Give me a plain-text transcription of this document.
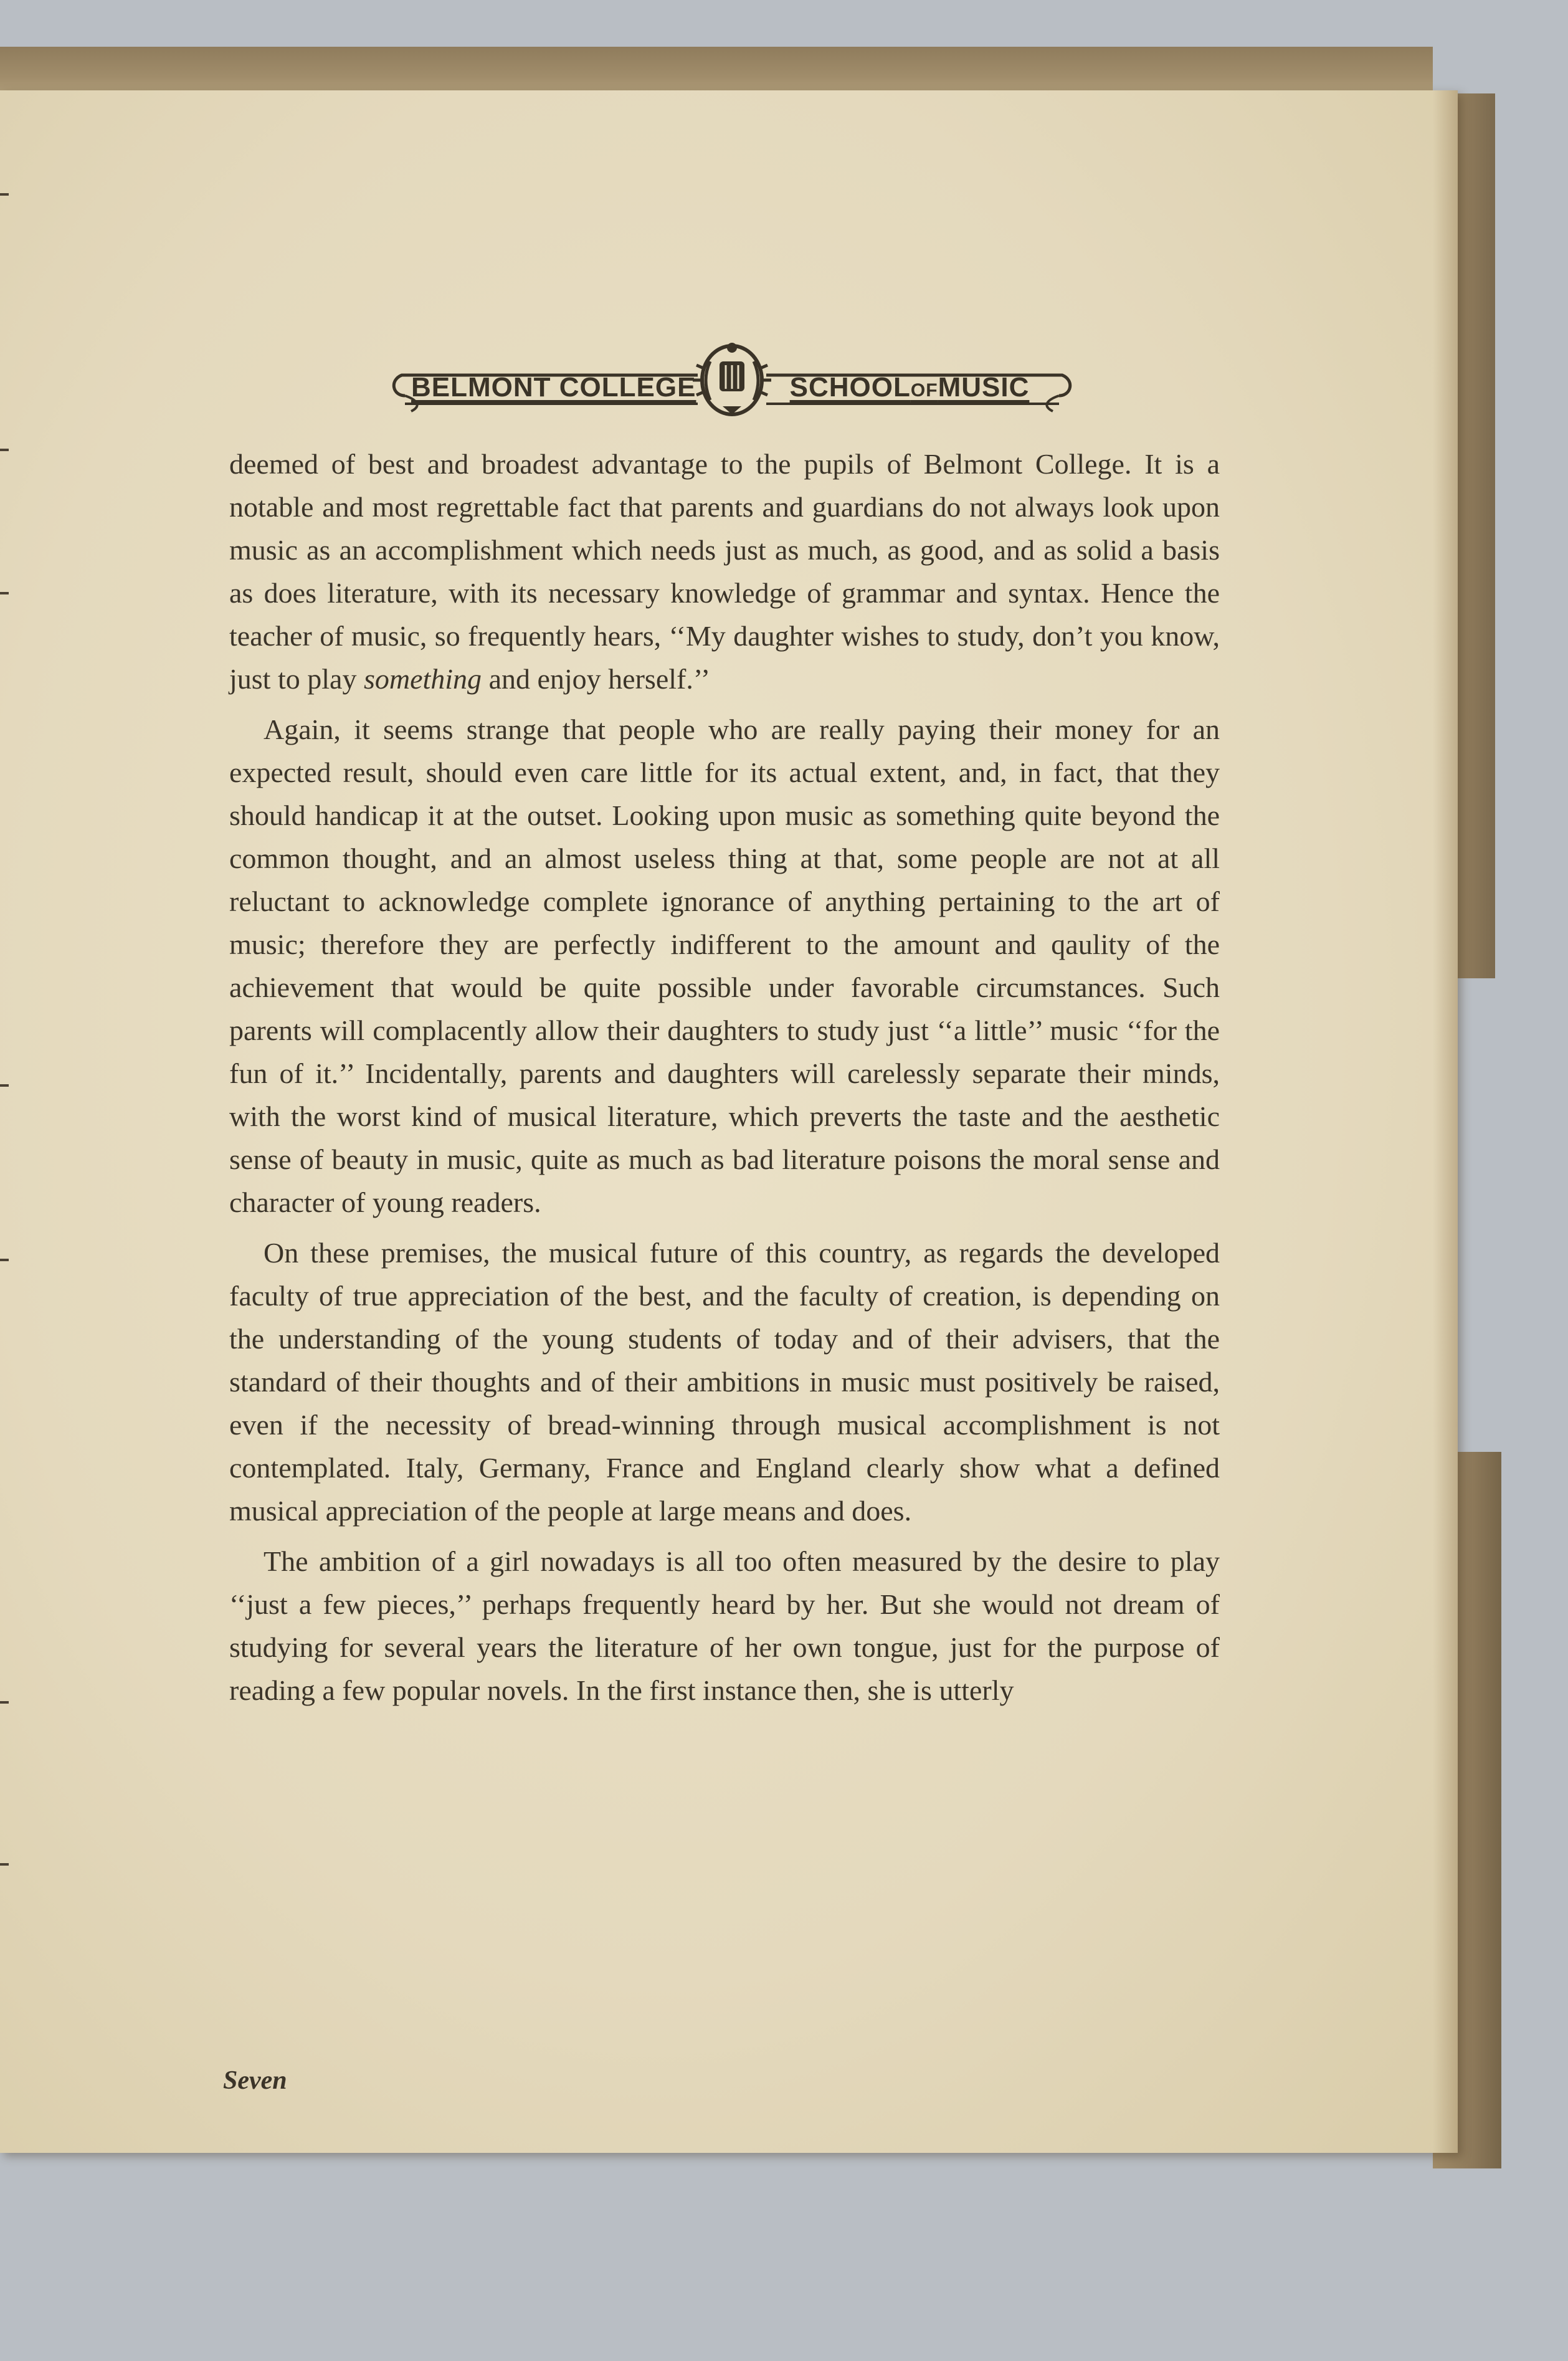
BELMONT COLLEGE	SCHOOLOFMUSIC

deemed of best and broadest advantage to the pupils of Belmont College. It is a notable and most regrettable fact that parents and guardians do not always look upon music as an accomplishment which needs just as much, as good, and as solid a basis as does literature, with its necessary knowledge of grammar and syntax. Hence the teacher of music, so frequently hears, ‘‘My daughter wishes to study, don’t you know, just to play something and enjoy herself.’’

Again, it seems strange that people who are really paying their money for an expected result, should even care little for its actual extent, and, in fact, that they should handicap it at the outset. Looking upon music as something quite beyond the common thought, and an almost useless thing at that, some people are not at all reluctant to acknowledge complete ignorance of anything pertaining to the art of music; therefore they are perfectly indifferent to the amount and qaulity of the achievement that would be quite possible under favorable circumstances. Such parents will complacently allow their daughters to study just ‘‘a little’’ music ‘‘for the fun of it.’’ Incidentally, parents and daughters will carelessly separate their minds, with the worst kind of musical literature, which preverts the taste and the aesthetic sense of beauty in music, quite as much as bad literature poisons the moral sense and character of young readers.

On these premises, the musical future of this country, as regards the developed faculty of true appreciation of the best, and the faculty of creation, is depending on the understanding of the young students of today and of their advisers, that the standard of their thoughts and of their ambitions in music must positively be raised, even if the necessity of bread-winning through musical accomplishment is not contemplated. Italy, Germany, France and England clearly show what a defined musical appreciation of the people at large means and does.

The ambition of a girl nowadays is all too often measured by the desire to play ‘‘just a few pieces,’’ perhaps frequently heard by her. But she would not dream of studying for several years the literature of her own tongue, just for the purpose of reading a few popular novels. In the first instance then, she is utterly

Seven
